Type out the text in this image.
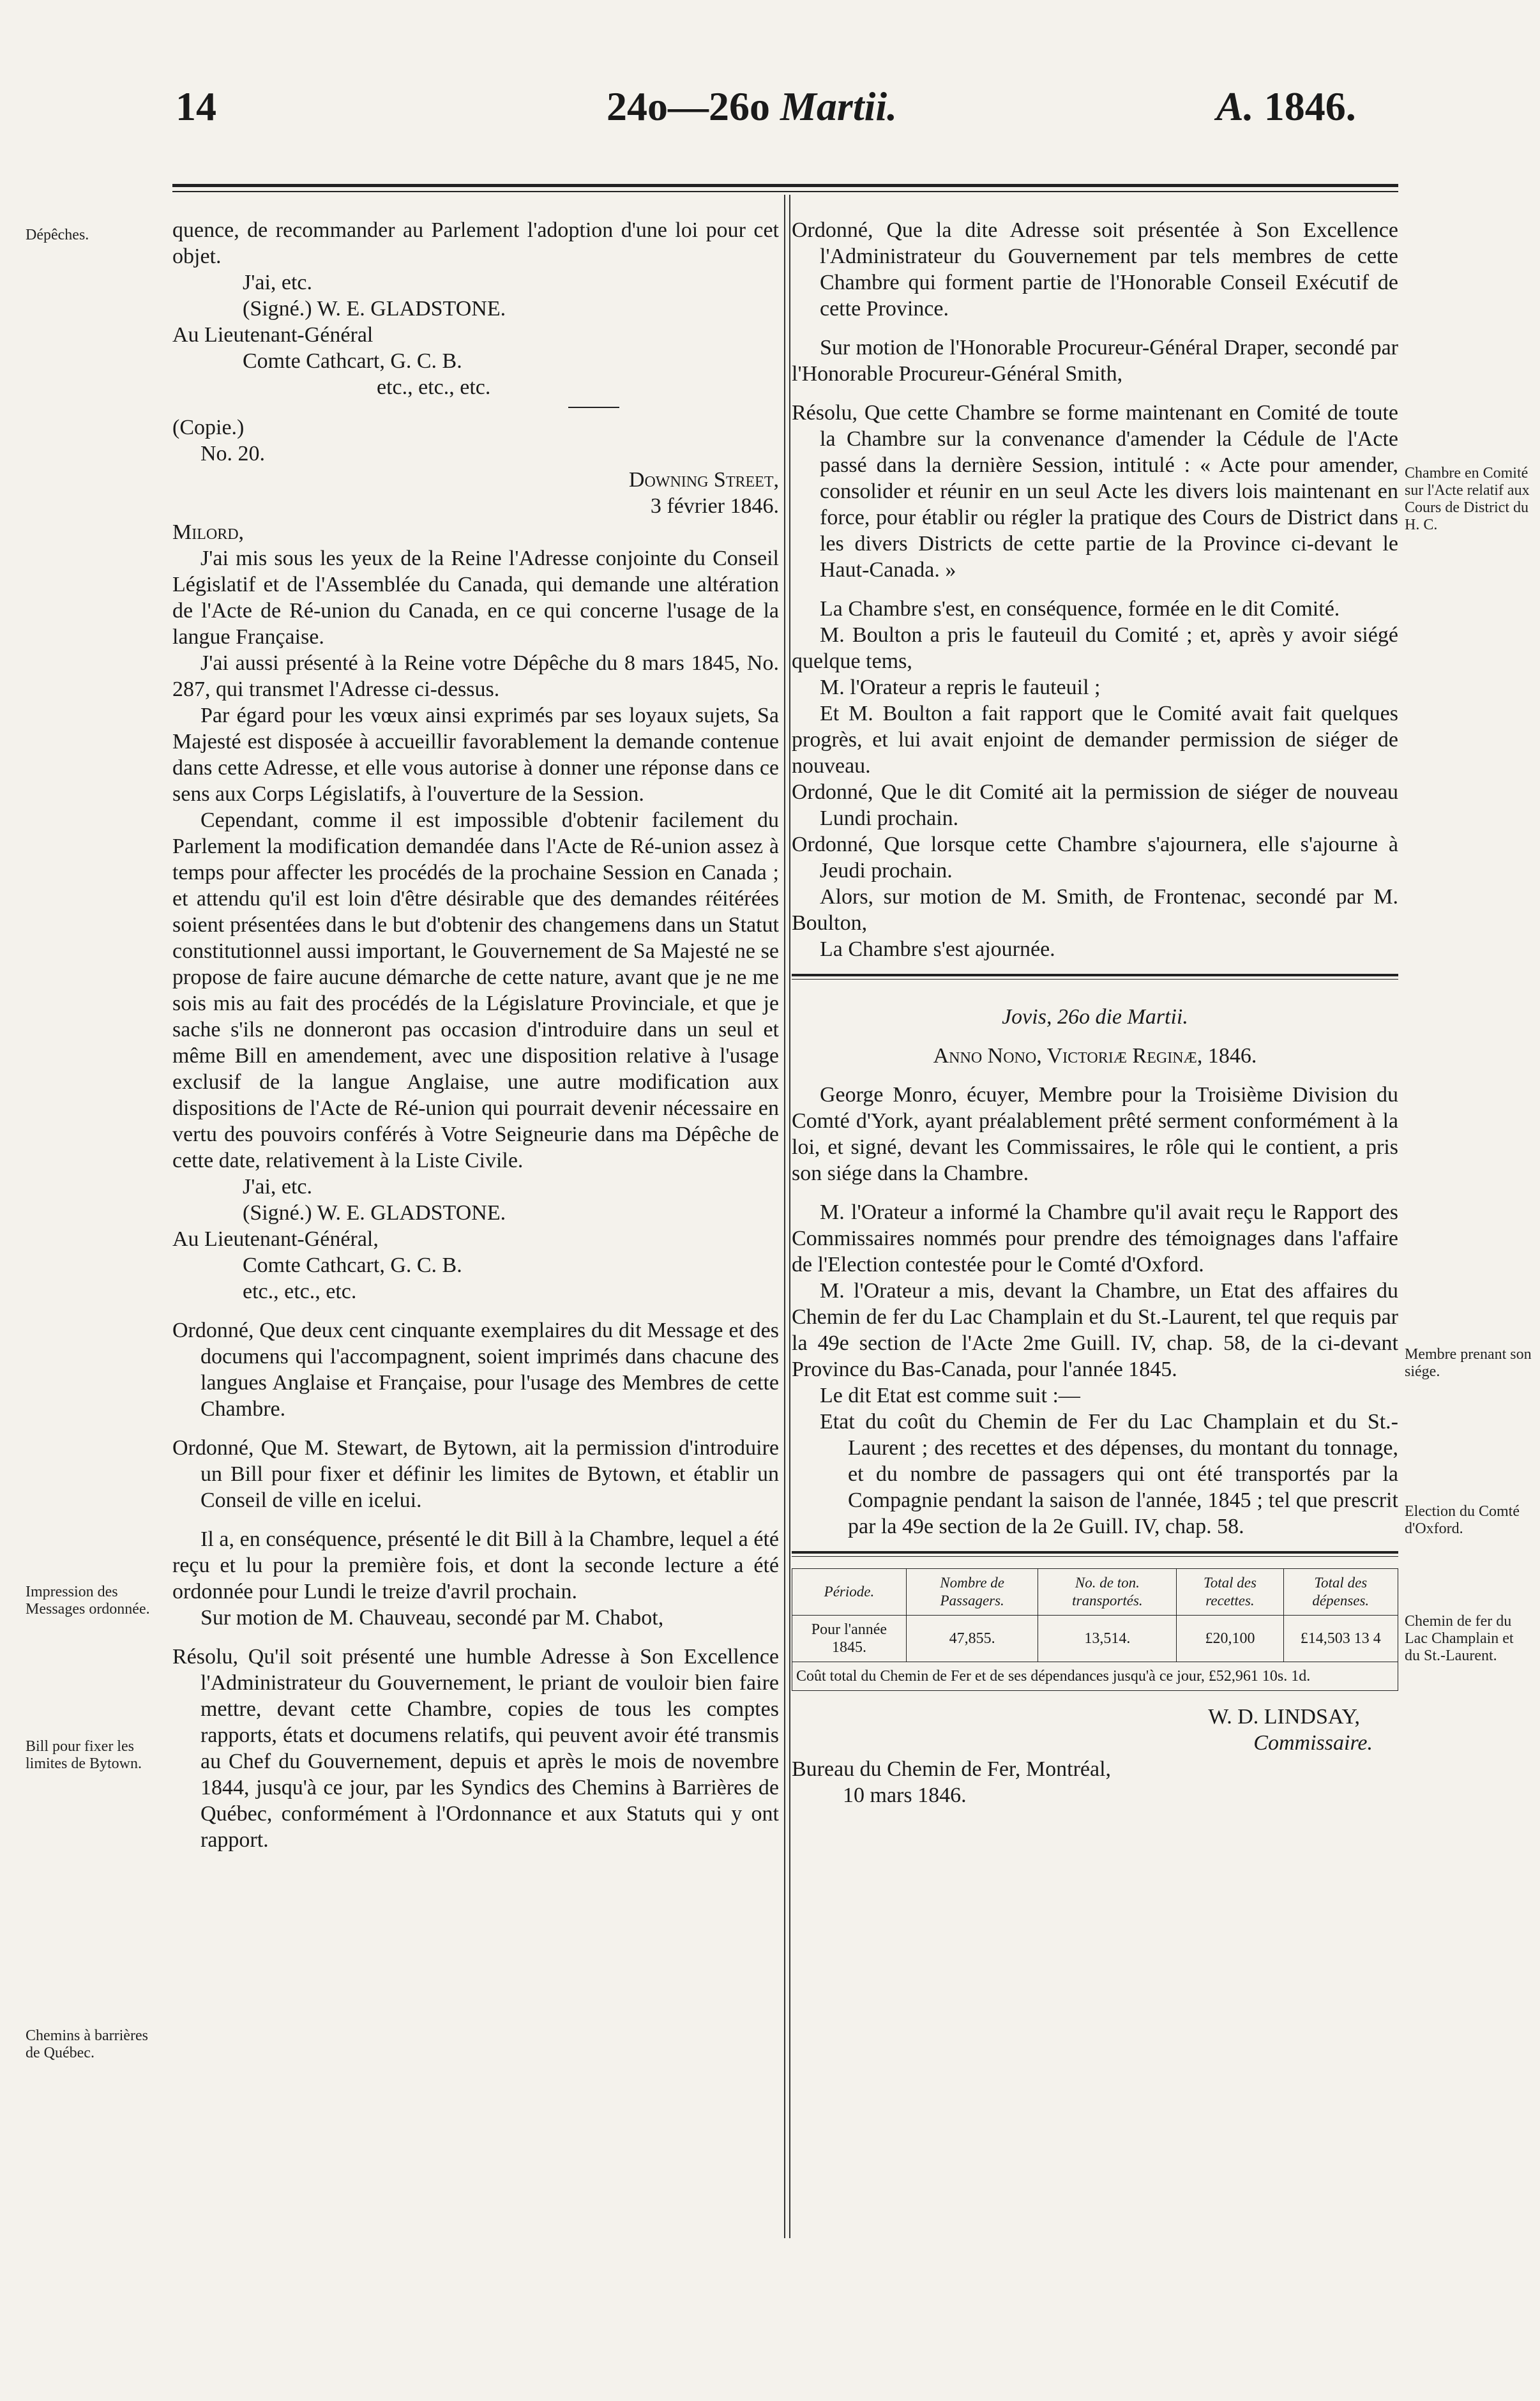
14	24o—26o Martii.	A. 1846.
Dépêches.
Impression des Messages ordonnée.
Bill pour fixer les limites de Bytown.
Chemins à barrières de Québec.
Chambre en Comité sur l'Acte relatif aux Cours de District du H. C.
Membre prenant son siége.
Election du Comté d'Oxford.
Chemin de fer du Lac Champlain et du St.-Laurent.

quence, de recommander au Parlement l'adoption d'une loi pour cet objet.

J'ai, etc.

(Signé.) W. E. GLADSTONE.

Au Lieutenant-Général

Comte Cathcart, G. C. B.

etc., etc., etc.

(Copie.)

No. 20.

Downing Street,

3 février 1846.

Milord,

J'ai mis sous les yeux de la Reine l'Adresse conjointe du Conseil Législatif et de l'Assemblée du Canada, qui demande une altération de l'Acte de Ré-union du Canada, en ce qui concerne l'usage de la langue Française.

J'ai aussi présenté à la Reine votre Dépêche du 8 mars 1845, No. 287, qui transmet l'Adresse ci-dessus.

Par égard pour les vœux ainsi exprimés par ses loyaux sujets, Sa Majesté est disposée à accueillir favorablement la demande contenue dans cette Adresse, et elle vous autorise à donner une réponse dans ce sens aux Corps Législatifs, à l'ouverture de la Session.

Cependant, comme il est impossible d'obtenir facilement du Parlement la modification demandée dans l'Acte de Ré-union assez à temps pour affecter les procédés de la prochaine Session en Canada ; et attendu qu'il est loin d'être désirable que des demandes réitérées soient présentées dans le but d'obtenir des changemens dans un Statut constitutionnel aussi important, le Gouvernement de Sa Majesté ne se propose de faire aucune démarche de cette nature, avant que je ne me sois mis au fait des procédés de la Législature Provinciale, et que je sache s'ils ne donneront pas occasion d'introduire dans un seul et même Bill en amendement, avec une disposition relative à l'usage exclusif de la langue Anglaise, une autre modification aux dispositions de l'Acte de Ré-union qui pourrait devenir nécessaire en vertu des pouvoirs conférés à Votre Seigneurie dans ma Dépêche de cette date, relativement à la Liste Civile.

J'ai, etc.

(Signé.) W. E. GLADSTONE.

Au Lieutenant-Général,

Comte Cathcart, G. C. B.

etc., etc., etc.

Ordonné, Que deux cent cinquante exemplaires du dit Message et des documens qui l'accompagnent, soient imprimés dans chacune des langues Anglaise et Française, pour l'usage des Membres de cette Chambre.

Ordonné, Que M. Stewart, de Bytown, ait la permission d'introduire un Bill pour fixer et définir les limites de Bytown, et établir un Conseil de ville en icelui.

Il a, en conséquence, présenté le dit Bill à la Chambre, lequel a été reçu et lu pour la première fois, et dont la seconde lecture a été ordonnée pour Lundi le treize d'avril prochain.

Sur motion de M. Chauveau, secondé par M. Chabot,

Résolu, Qu'il soit présenté une humble Adresse à Son Excellence l'Administrateur du Gouvernement, le priant de vouloir bien faire mettre, devant cette Chambre, copies de tous les comptes rapports, états et documens relatifs, qui peuvent avoir été transmis au Chef du Gouvernement, depuis et après le mois de novembre 1844, jusqu'à ce jour, par les Syndics des Chemins à Barrières de Québec, conformément à l'Ordonnance et aux Statuts qui y ont rapport.

Ordonné, Que la dite Adresse soit présentée à Son Excellence l'Administrateur du Gouvernement par tels membres de cette Chambre qui forment partie de l'Honorable Conseil Exécutif de cette Province.

Sur motion de l'Honorable Procureur-Général Draper, secondé par l'Honorable Procureur-Général Smith,

Résolu, Que cette Chambre se forme maintenant en Comité de toute la Chambre sur la convenance d'amender la Cédule de l'Acte passé dans la dernière Session, intitulé : « Acte pour amender, consolider et réunir en un seul Acte les divers lois maintenant en force, pour établir ou régler la pratique des Cours de District dans les divers Districts de cette partie de la Province ci-devant le Haut-Canada. »

La Chambre s'est, en conséquence, formée en le dit Comité.

M. Boulton a pris le fauteuil du Comité ; et, après y avoir siégé quelque tems,

M. l'Orateur a repris le fauteuil ;

Et M. Boulton a fait rapport que le Comité avait fait quelques progrès, et lui avait enjoint de demander permission de siéger de nouveau.

Ordonné, Que le dit Comité ait la permission de siéger de nouveau Lundi prochain.

Ordonné, Que lorsque cette Chambre s'ajournera, elle s'ajourne à Jeudi prochain.

Alors, sur motion de M. Smith, de Frontenac, secondé par M. Boulton,

La Chambre s'est ajournée.

Jovis, 26o die Martii.

Anno Nono, Victoriæ Reginæ, 1846.

George Monro, écuyer, Membre pour la Troisième Division du Comté d'York, ayant préalablement prêté serment conformément à la loi, et signé, devant les Commissaires, le rôle qui le contient, a pris son siége dans la Chambre.

M. l'Orateur a informé la Chambre qu'il avait reçu le Rapport des Commissaires nommés pour prendre des témoignages dans l'affaire de l'Election contestée pour le Comté d'Oxford.

M. l'Orateur a mis, devant la Chambre, un Etat des affaires du Chemin de fer du Lac Champlain et du St.-Laurent, tel que requis par la 49e section de l'Acte 2me Guill. IV, chap. 58, de la ci-devant Province du Bas-Canada, pour l'année 1845.

Le dit Etat est comme suit :—

Etat du coût du Chemin de Fer du Lac Champlain et du St.-Laurent ; des recettes et des dépenses, du montant du tonnage, et du nombre de passagers qui ont été transportés par la Compagnie pendant la saison de l'année, 1845 ; tel que prescrit par la 49e section de la 2e Guill. IV, chap. 58.

Période.	Nombre de Passagers.	No. de ton. transportés.	Total des recettes.	Total des dépenses.
Pour l'année 1845.	47,855.	13,514.	£20,100	£14,503 13 4
Coût total du Chemin de Fer et de ses dépendances jusqu'à ce jour, £52,961 10s. 1d.				

W. D. LINDSAY,

Commissaire.

Bureau du Chemin de Fer, Montréal,

10 mars 1846.
